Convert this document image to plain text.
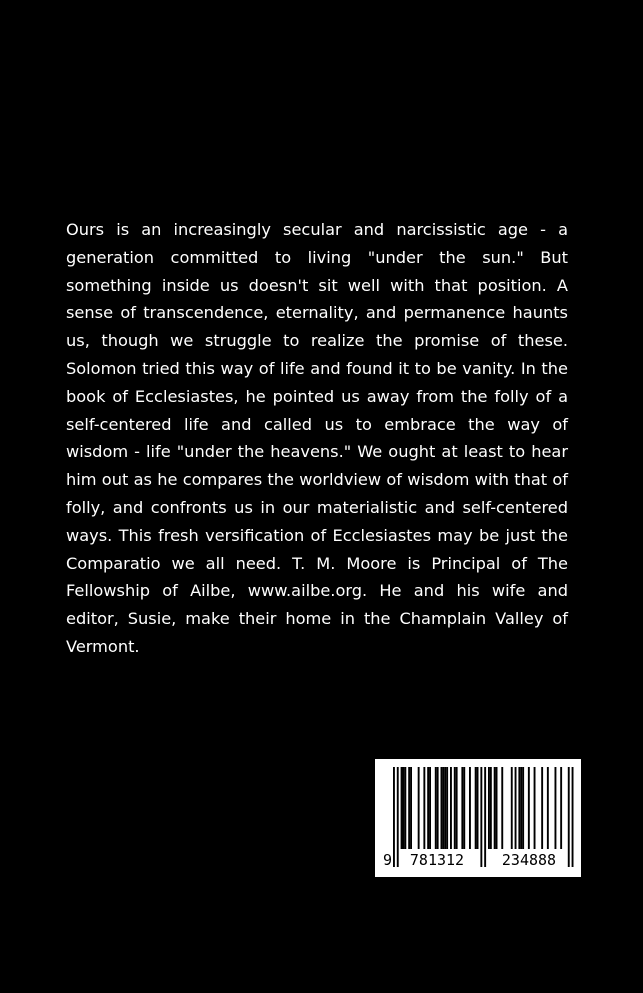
Ours is an increasingly secular and narcissistic age - a generation committed to living "under the sun." But something inside us doesn't sit well with that position. A sense of transcendence, eternality, and permanence haunts us, though we struggle to realize the promise of these. Solomon tried this way of life and found it to be vanity. In the book of Ecclesiastes, he pointed us away from the folly of a self-centered life and called us to embrace the way of wisdom - life "under the heavens." We ought at least to hear him out as he compares the worldview of wisdom with that of folly, and confronts us in our materialistic and self-centered ways. This fresh versification of Ecclesiastes may be just the Comparatio we all need. T. M. Moore is Principal of The Fellowship of Ailbe, www.ailbe.org. He and his wife and editor, Susie, make their home in the Champlain Valley of Vermont.

9 781312	234888
